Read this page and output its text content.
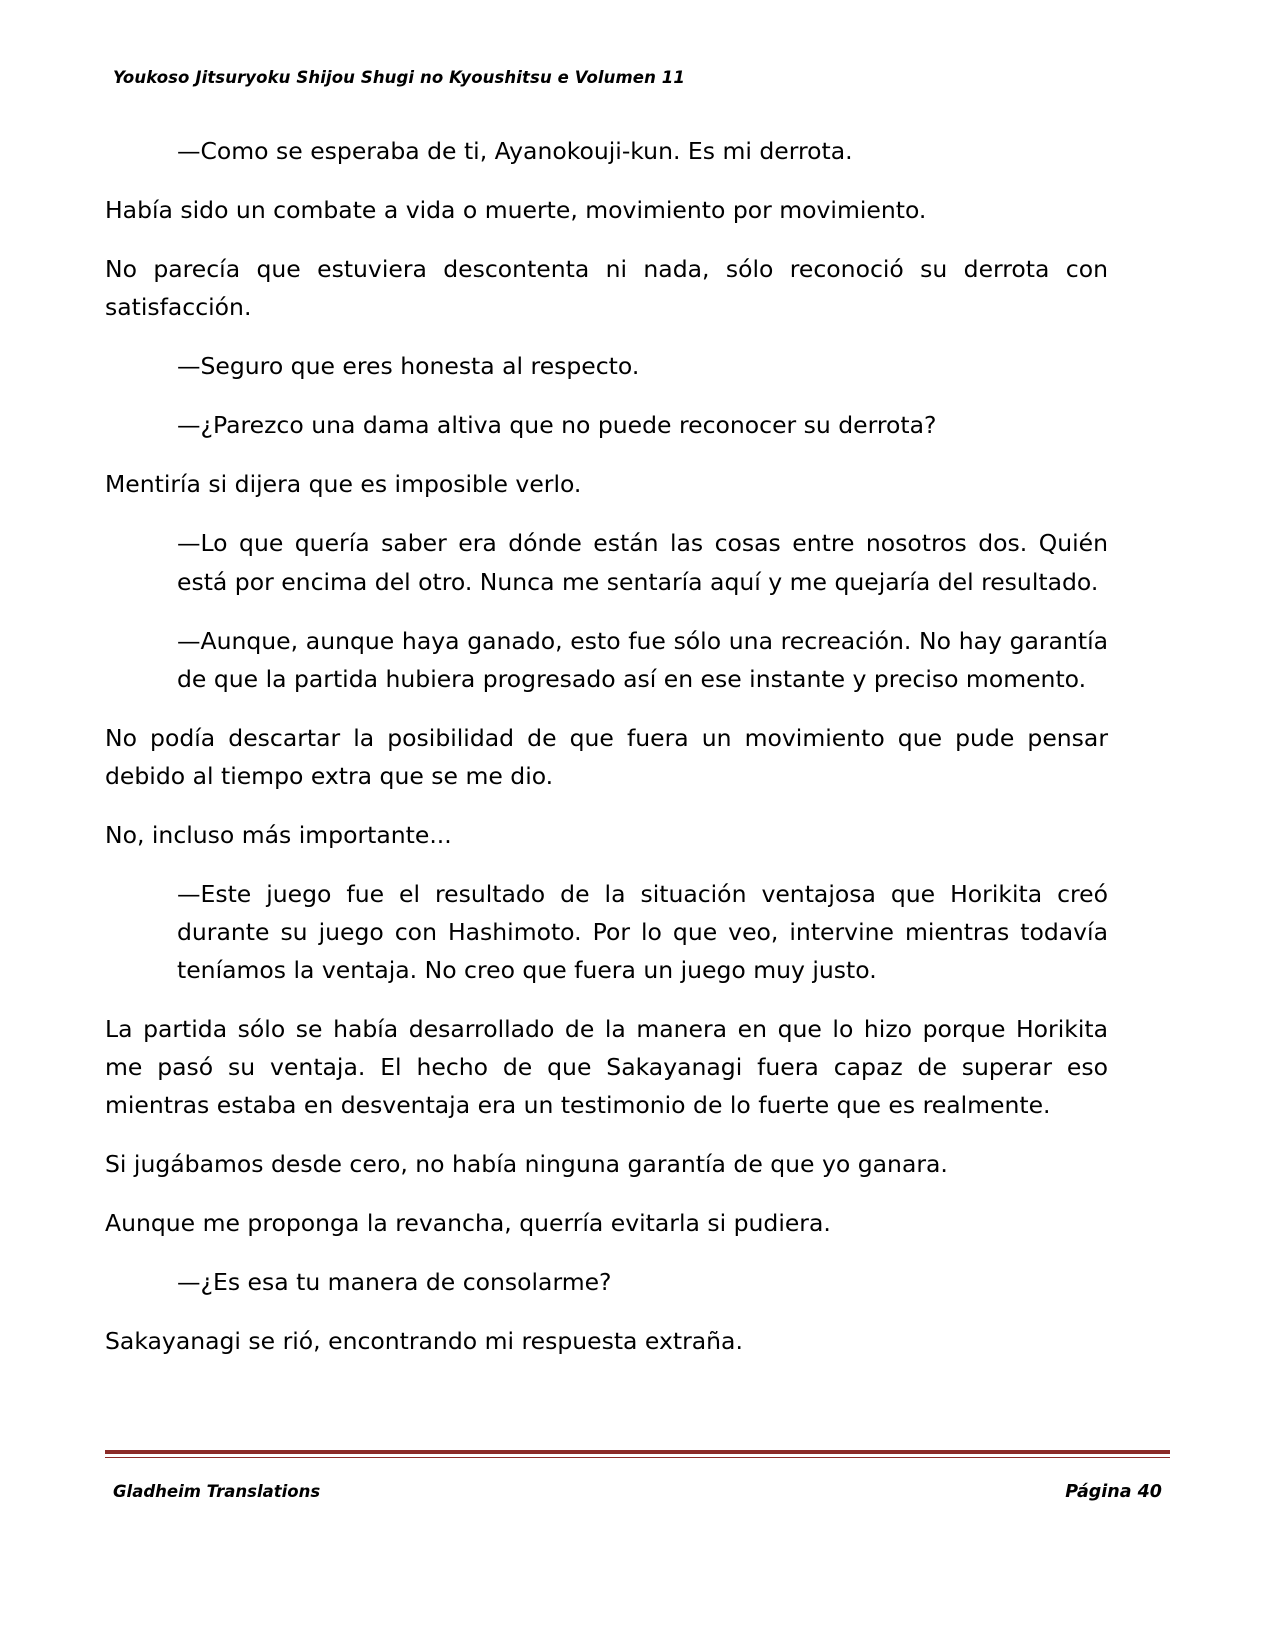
Youkoso Jitsuryoku Shijou Shugi no Kyoushitsu e Volumen 11

—Como se esperaba de ti, Ayanokouji-kun. Es mi derrota.

Había sido un combate a vida o muerte, movimiento por movimiento.

No parecía que estuviera descontenta ni nada, sólo reconoció su derrota con satisfacción.

—Seguro que eres honesta al respecto.

—¿Parezco una dama altiva que no puede reconocer su derrota?

Mentiría si dijera que es imposible verlo.

—Lo que quería saber era dónde están las cosas entre nosotros dos. Quién está por encima del otro. Nunca me sentaría aquí y me quejaría del resultado.

—Aunque, aunque haya ganado, esto fue sólo una recreación. No hay garantía de que la partida hubiera progresado así en ese instante y preciso momento.

No podía descartar la posibilidad de que fuera un movimiento que pude pensar debido al tiempo extra que se me dio.

No, incluso más importante...

—Este juego fue el resultado de la situación ventajosa que Horikita creó durante su juego con Hashimoto. Por lo que veo, intervine mientras todavía teníamos la ventaja. No creo que fuera un juego muy justo.

La partida sólo se había desarrollado de la manera en que lo hizo porque Horikita me pasó su ventaja. El hecho de que Sakayanagi fuera capaz de superar eso mientras estaba en desventaja era un testimonio de lo fuerte que es realmente.

Si jugábamos desde cero, no había ninguna garantía de que yo ganara.

Aunque me proponga la revancha, querría evitarla si pudiera.

—¿Es esa tu manera de consolarme?

Sakayanagi se rió, encontrando mi respuesta extraña.

Gladheim Translations	Página 40
